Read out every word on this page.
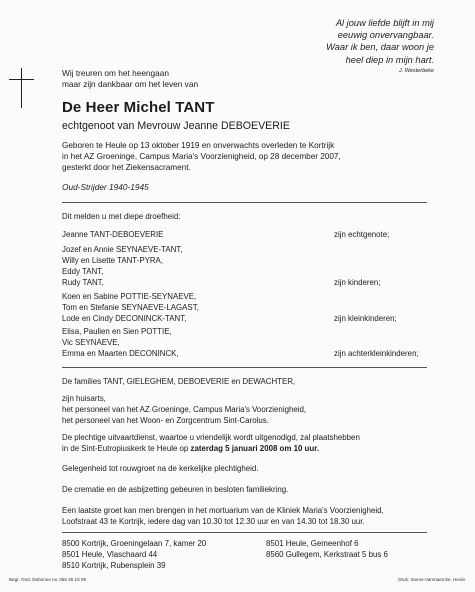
Al jouw liefde blijft in mij
eeuwig onvervangbaar.
Waar ik ben, daar woon je
heel diep in mijn hart.
J. Westerbeke
Wij treuren om het heengaan
maar zijn dankbaar om het leven van
De Heer Michel TANT
echtgenoot van Mevrouw Jeanne DEBOEVERIE
Geboren te Heule op 13 oktober 1919 en onverwachts overleden te Kortrijk
in het AZ Groeninge, Campus Maria's Voorzienigheid, op 28 december 2007,
gesterkt door het Ziekensacrament.
Oud-Strijder 1940-1945
Dit melden u met diepe droefheid:
Jeanne TANT-DEBOEVERIE	zijn echtgenote;
Jozef en Annie SEYNAEVE-TANT,
Willy en Lisette TANT-PYRA,
Eddy TANT,
Rudy TANT,	zijn kinderen;
Koen en Sabine POTTIE-SEYNAEVE,
Tom en Stefanie SEYNAEVE-LAGAST,
Lode en Cindy DECONINCK-TANT,	zijn kleinkinderen;
Elisa, Paulien en Sien POTTIE,
Vic SEYNAEVE,
Emma en Maarten DECONINCK,	zijn achterkleinkinderen;
De families TANT, GIELEGHEM, DEBOEVERIE en DEWACHTER,
zijn huisarts,
het personeel van het AZ Groeninge, Campus Maria's Voorzienigheid,
het personeel van het Woon- en Zorgcentrum Sint-Carolus.
De plechtige uitvaartdienst, waartoe u vriendelijk wordt uitgenodigd, zal plaatshebben
in de Sint-Eutropiuskerk te Heule op zaterdag 5 januari 2008 om 10 uur.
Gelegenheid tot rouwgroet na de kerkelijke plechtigheid.
De crematie en de asbijzetting gebeuren in besloten familiekring.
Een laatste groet kan men brengen in het mortuarium van de Kliniek Maria's Voorzienigheid,
Loofstraat 43 te Kortrijk, iedere dag van 10.30 tot 12.30 uur en van 14.30 tot 18.30 uur.
8500 Kortrijk, Groeningelaan 7, kamer 20
8501 Heule, Vlaschaard 44
8510 Kortrijk, Rubensplein 39
8501 Heule, Gemeenhof 6
8560 Gullegem, Kerkstraat 5 bus 6
Begr. Ond. Debonne nv, 056 35 15 09	Druk: Soens-Vanmaercke, Heule
